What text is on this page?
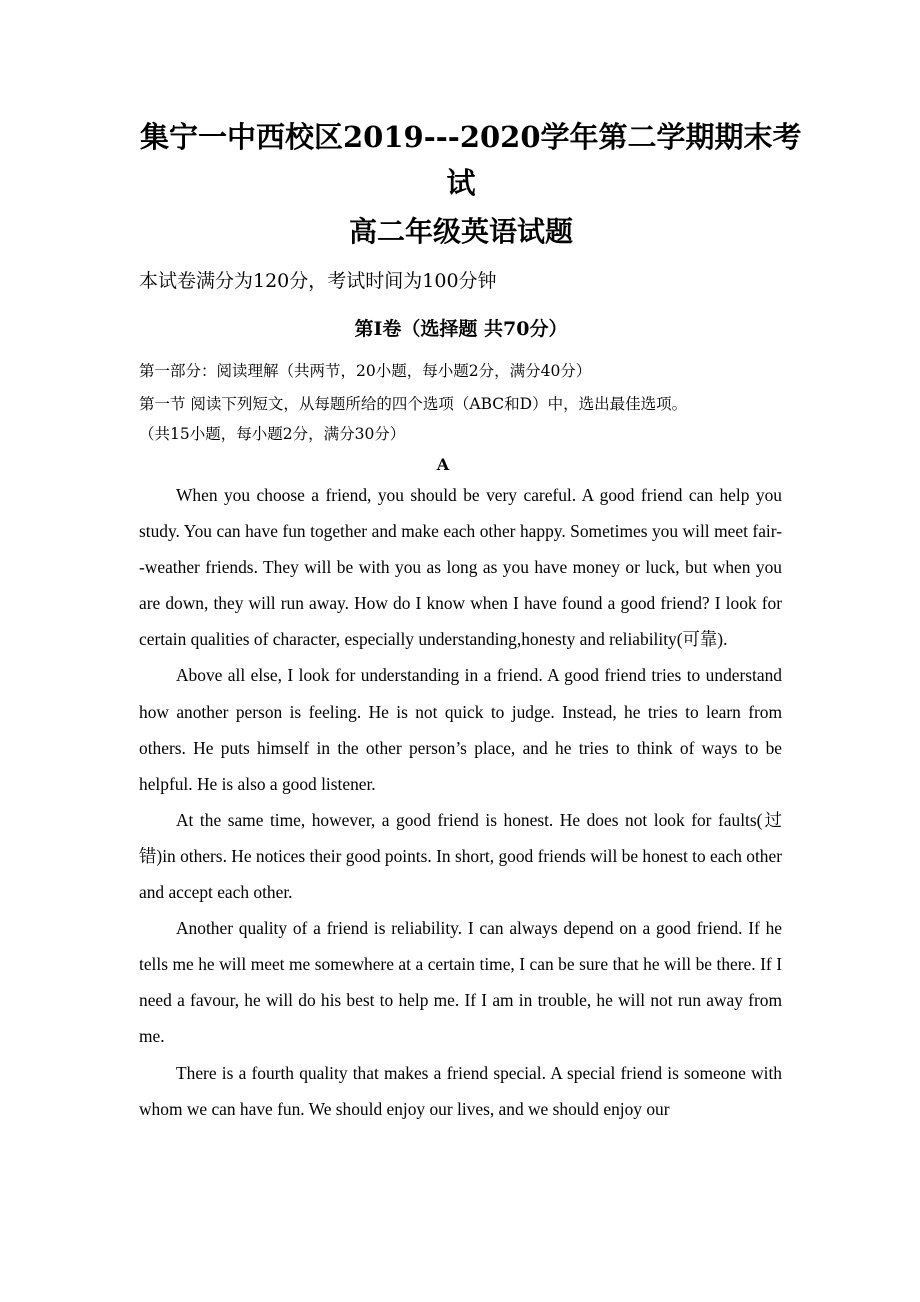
集宁一中西校区2019---2020学年第二学期期末考
试
高二年级英语试题
本试卷满分为120分，考试时间为100分钟
第I卷（选择题 共70分）
第一部分：阅读理解（共两节，20小题，每小题2分，满分40分）
第一节 阅读下列短文，从每题所给的四个选项（ABC和D）中，选出最佳选项。
（共15小题，每小题2分，满分30分）
A

When you choose a friend, you should be very careful. A good friend can help you study. You can have fun together and make each other happy. Sometimes you will meet fair--weather friends. They will be with you as long as you have money or luck, but when you are down, they will run away. How do I know when I have found a good friend? I look for certain qualities of character, especially understanding,honesty and reliability(可靠).

Above all else, I look for understanding in a friend. A good friend tries to understand how another person is feeling. He is not quick to judge. Instead, he tries to learn from others. He puts himself in the other person’s place, and he tries to think of ways to be helpful. He is also a good listener.

At the same time, however, a good friend is honest. He does not look for faults(过错)in others. He notices their good points. In short, good friends will be honest to each other and accept each other.

Another quality of a friend is reliability. I can always depend on a good friend. If he tells me he will meet me somewhere at a certain time, I can be sure that he will be there. If I need a favour, he will do his best to help me. If I am in trouble, he will not run away from me.

There is a fourth quality that makes a friend special. A special friend is someone with whom we can have fun. We should enjoy our lives, and we should enjoy our
